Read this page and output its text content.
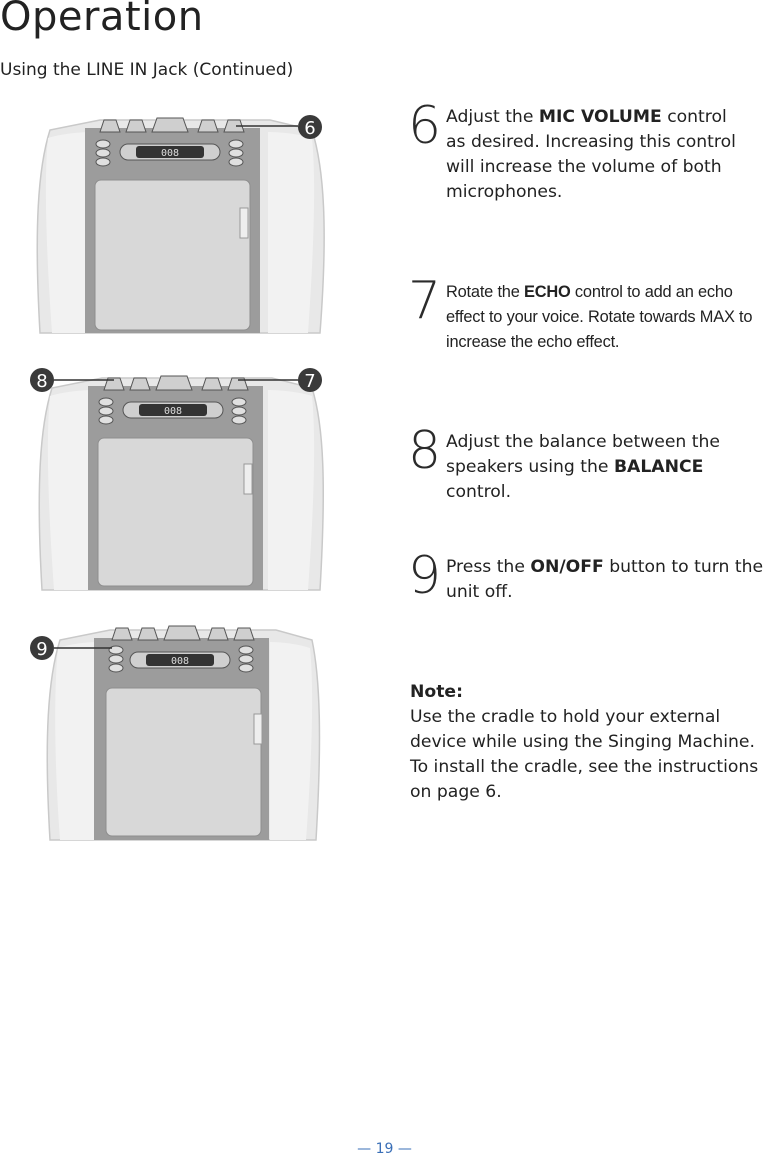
Operation
Using the LINE IN Jack (Continued)
008
6
008
8	7
008
9
6 Adjust the MIC VOLUME control as desired. Increasing this control will increase the volume of both microphones.
7 Rotate the ECHO control to add an echo effect to your voice. Rotate towards MAX to increase the echo effect.
8 Adjust the balance between the speakers using the BALANCE control.
9 Press the ON/OFF button to turn the unit off.
Note:
Use the cradle to hold your external device while using the Singing Machine. To install the cradle, see the instructions on page 6.
— 19 —
